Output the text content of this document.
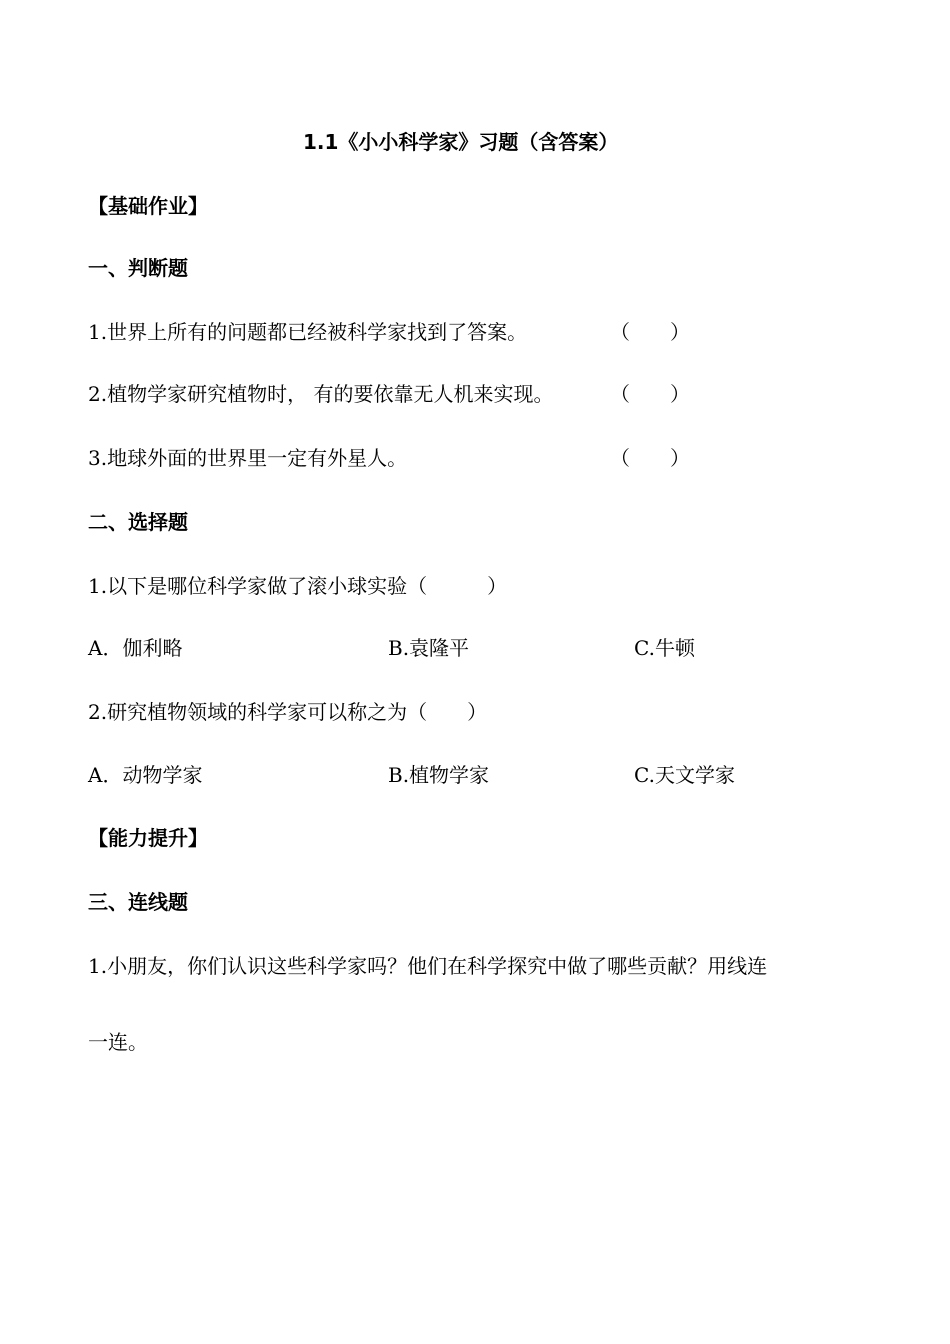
1.1《小小科学家》习题（含答案）
【基础作业】
一、判断题
1.世界上所有的问题都已经被科学家找到了答案。	（　　）
2.植物学家研究植物时， 有的要依靠无人机来实现。	（　　）
3.地球外面的世界里一定有外星人。	（　　）
二、选择题
1.以下是哪位科学家做了滚小球实验（　　　）
A．伽利略	B.袁隆平	C.牛顿
2.研究植物领域的科学家可以称之为（　　）
A．动物学家	B.植物学家	C.天文学家
【能力提升】
三、连线题
1.小朋友，你们认识这些科学家吗？他们在科学探究中做了哪些贡献？用线连
一连。
